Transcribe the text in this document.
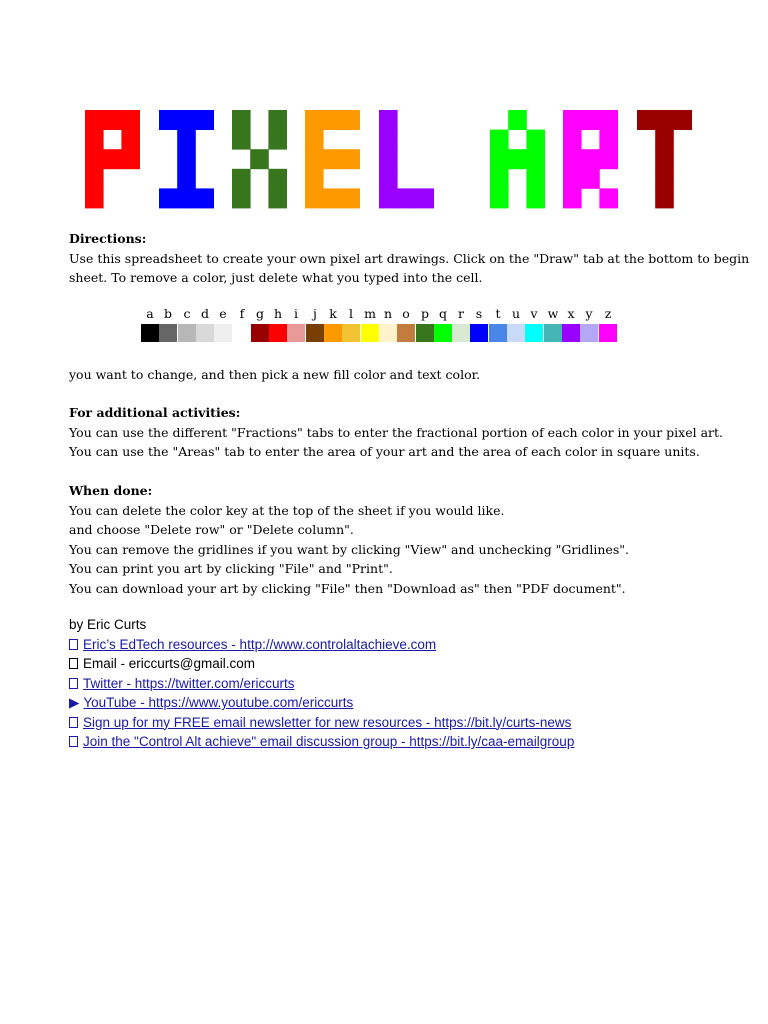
Directions:
Use this spreadsheet to create your own pixel art drawings. Click on the "Draw" tab at the bottom to begin
sheet. To remove a color, just delete what you typed into the cell.
a b c d e	f g h i	j k l m n o p q r s	t u v w x y z
you want to change, and then pick a new fill color and text color.
For additional activities:
You can use the different "Fractions" tabs to enter the fractional portion of each color in your pixel art.
You can use the "Areas" tab to enter the area of your art and the area of each color in square units.
When done:
You can delete the color key at the top of the sheet if you would like.
and choose "Delete row" or "Delete column".
You can remove the gridlines if you want by clicking "View" and unchecking "Gridlines".
You can print you art by clicking "File" and "Print".
You can download your art by clicking "File" then "Download as" then "PDF document".
by Eric Curts
Eric’s EdTech resources - http://www.controlaltachieve.com
Email - ericcurts@gmail.com
Twitter - https://twitter.com/ericcurts
▶ YouTube - https://www.youtube.com/ericcurts
Sign up for my FREE email newsletter for new resources - https://bit.ly/curts-news
Join the "Control Alt achieve" email discussion group - https://bit.ly/caa-emailgroup
